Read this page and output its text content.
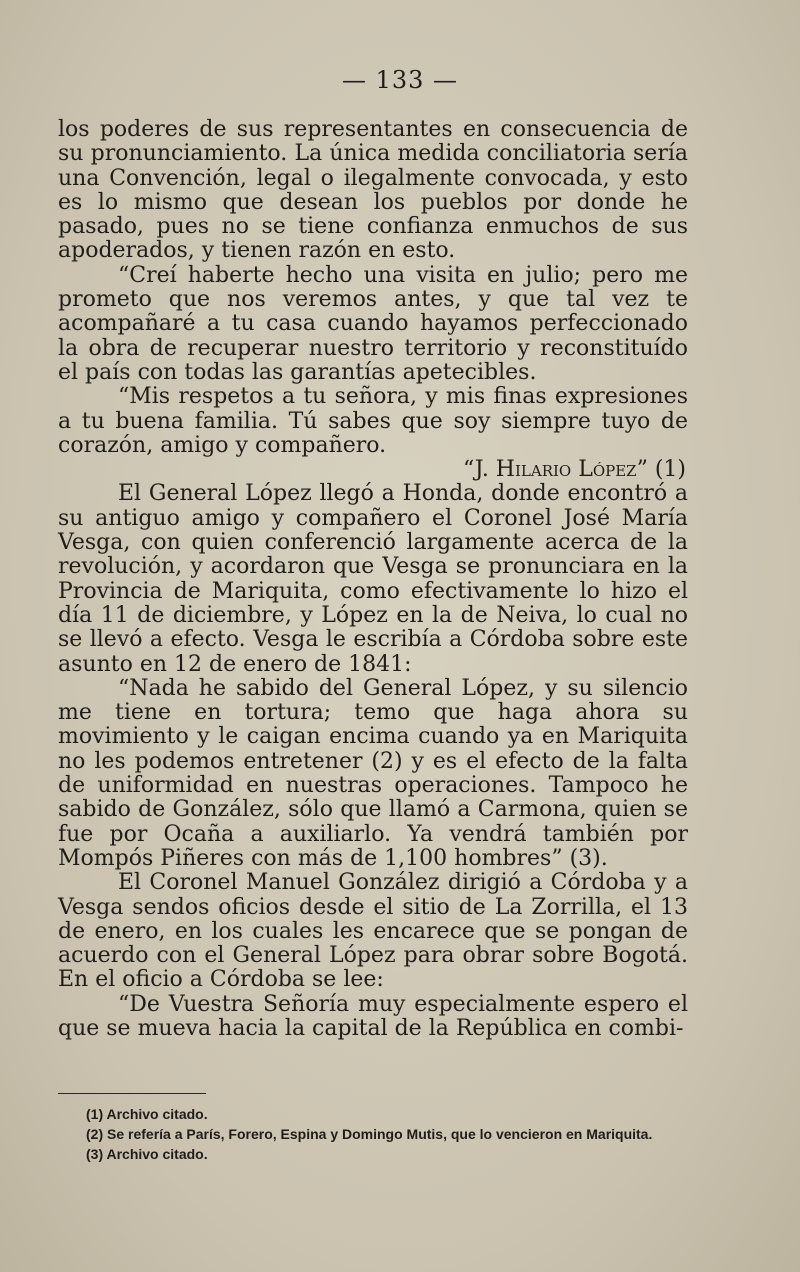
— 133 —

los poderes de sus representantes en consecuencia de su pronunciamiento. La única medida conciliatoria sería una Convención, legal o ilegalmente convocada, y esto es lo mismo que desean los pueblos por donde he pasado, pues no se tiene confianza enmuchos de sus apoderados, y tienen razón en esto.

“Creí haberte hecho una visita en julio; pero me prometo que nos veremos antes, y que tal vez te acompañaré a tu casa cuando hayamos perfeccionado la obra de recuperar nuestro territorio y reconstituído el país con todas las garantías apetecibles.

“Mis respetos a tu señora, y mis finas expresiones a tu buena familia. Tú sabes que soy siempre tuyo de corazón, amigo y compañero.

“J. Hilario López” (1)

El General López llegó a Honda, donde encontró a su antiguo amigo y compañero el Coronel José María Vesga, con quien conferenció largamente acerca de la revolución, y acordaron que Vesga se pronunciara en la Provincia de Mariquita, como efectivamente lo hizo el día 11 de diciembre, y López en la de Neiva, lo cual no se llevó a efecto. Vesga le escribía a Córdoba sobre este asunto en 12 de enero de 1841:

“Nada he sabido del General López, y su silencio me tiene en tortura; temo que haga ahora su movimiento y le caigan encima cuando ya en Mariquita no les podemos entretener (2) y es el efecto de la falta de uniformidad en nuestras operaciones. Tampoco he sabido de González, sólo que llamó a Carmona, quien se fue por Ocaña a auxiliarlo. Ya vendrá también por Mompós Piñeres con más de 1,100 hombres” (3).

El Coronel Manuel González dirigió a Córdoba y a Vesga sendos oficios desde el sitio de La Zorrilla, el 13 de enero, en los cuales les encarece que se pongan de acuerdo con el General López para obrar sobre Bogotá. En el oficio a Córdoba se lee:

“De Vuestra Señoría muy especialmente espero el que se mueva hacia la capital de la República en combi-

(1) Archivo citado.

(2) Se refería a París, Forero, Espina y Domingo Mutis, que lo vencieron en Mariquita.

(3) Archivo citado.
